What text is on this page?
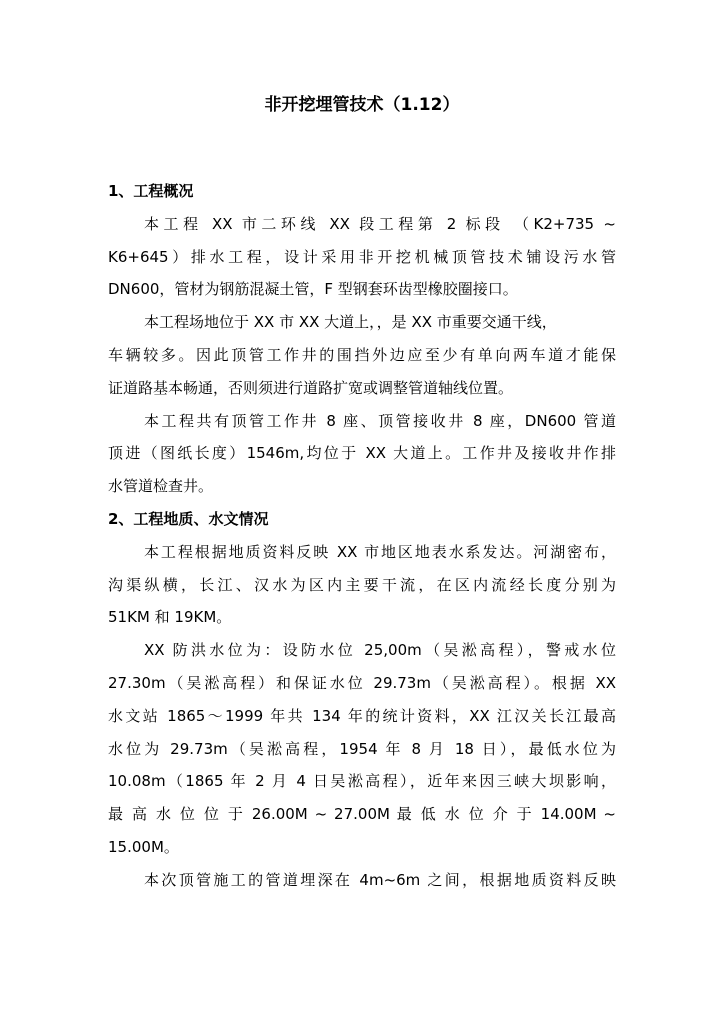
非开挖埋管技术（1.12）
1、工程概况
本工程 XX 市二环线 XX 段工程第 2 标段 （K2+735 ~
K6+645）排水工程，设计采用非开挖机械顶管技术铺设污水管
DN600，管材为钢筋混凝土管，F 型钢套环齿型橡胶圈接口。
本工程场地位于 XX 市 XX 大道上，，是 XX 市重要交通干线，
车辆较多。因此顶管工作井的围挡外边应至少有单向两车道才能保
证道路基本畅通，否则须进行道路扩宽或调整管道轴线位置。
本工程共有顶管工作井 8 座、顶管接收井 8 座，DN600 管道
顶进（图纸长度）1546m,均位于 XX 大道上。工作井及接收井作排
水管道检查井。
2、工程地质、水文情况
本工程根据地质资料反映 XX 市地区地表水系发达。河湖密布，
沟渠纵横，长江、汉水为区内主要干流，在区内流经长度分别为
51KM 和 19KM。
XX 防洪水位为：设防水位 25,00m（吴淞高程），警戒水位
27.30m（吴淞高程）和保证水位 29.73m（吴淞高程）。根据 XX
水文站 1865～1999 年共 134 年的统计资料，XX 江汉关长江最高
水位为 29.73m（吴淞高程，1954 年 8 月 18 日），最低水位为
10.08m（1865 年 2 月 4 日吴淞高程），近年来因三峡大坝影响，
最 高 水 位 位 于 26.00M ~ 27.00M 最 低 水 位 介 于 14.00M ~
15.00M。
本次顶管施工的管道埋深在 4m~6m 之间，根据地质资料反映
